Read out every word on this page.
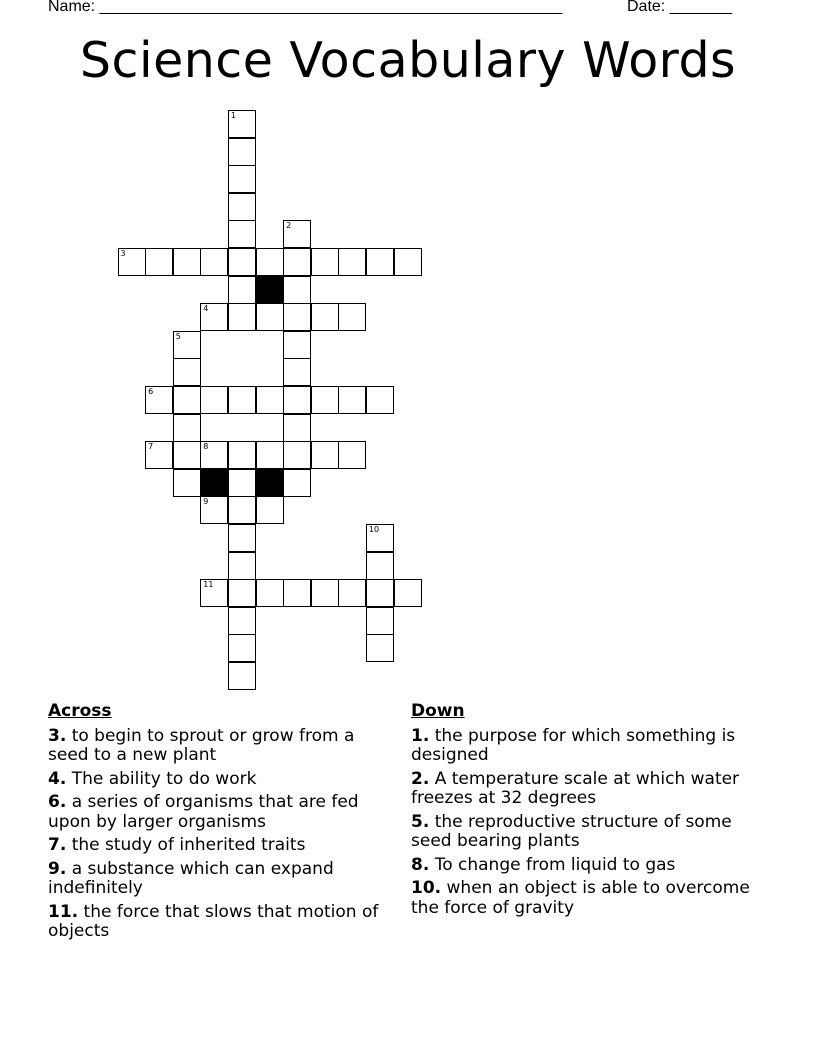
Name: ____________________________________________________	Date: _______
Science Vocabulary Words
1
2
3
4
5
6
7	8
9
10
11
Across
3. to begin to sprout or grow from a seed to a new plant
4. The ability to do work
6. a series of organisms that are fed upon by larger organisms
7. the study of inherited traits
9. a substance which can expand indefinitely
11. the force that slows that motion of objects
Down
1. the purpose for which something is designed
2. A temperature scale at which water freezes at 32 degrees
5. the reproductive structure of some seed bearing plants
8. To change from liquid to gas
10. when an object is able to overcome the force of gravity
